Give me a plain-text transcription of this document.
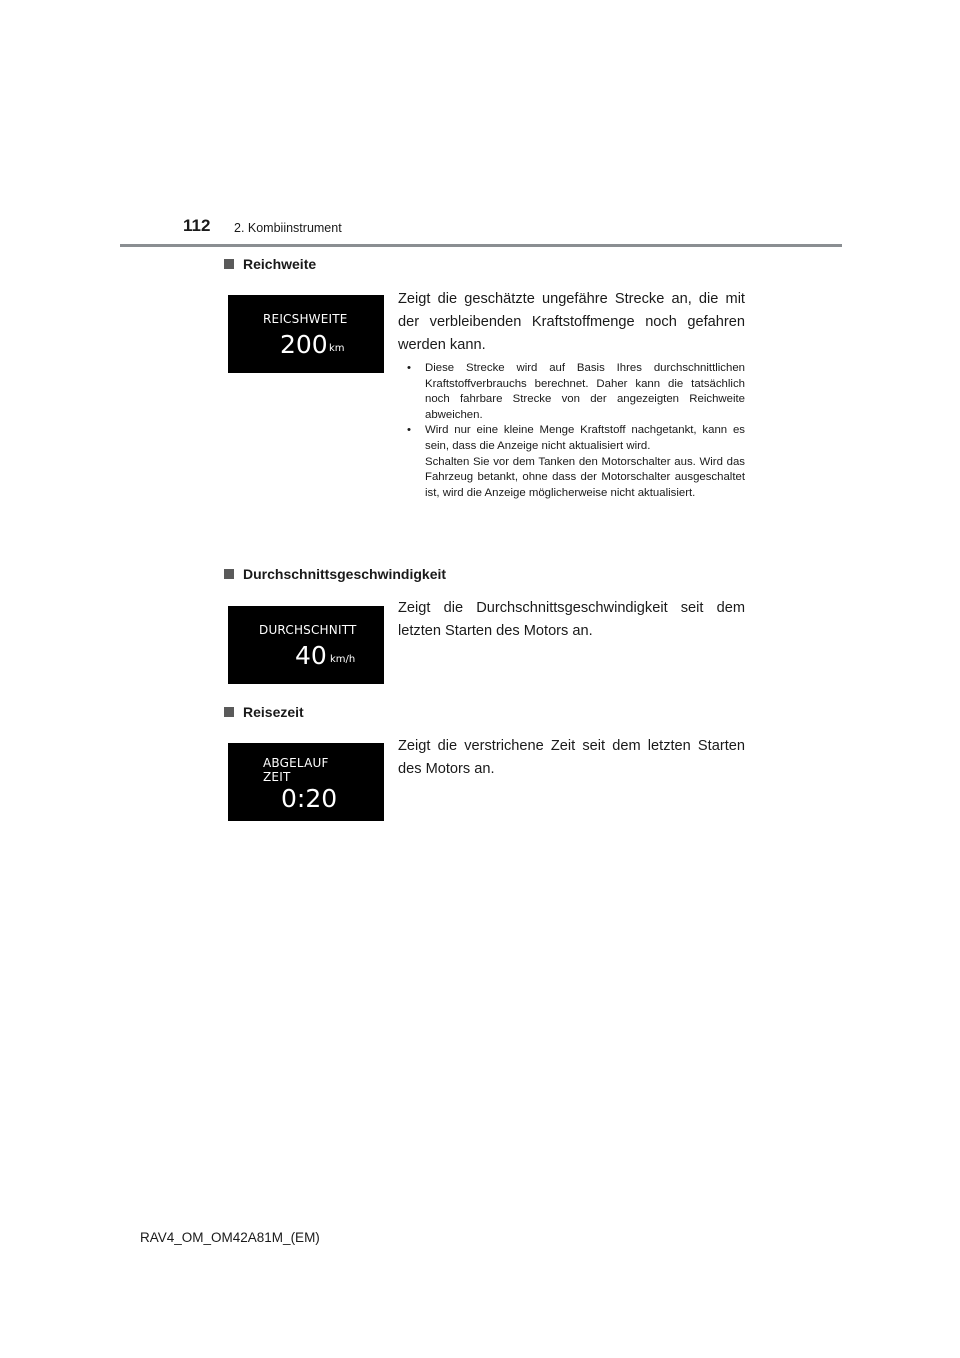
112 2. Kombiinstrument
Reichweite
REICSHWEITE
200 km

Zeigt die geschätzte ungefähre Strecke an, die mit der verbleibenden Kraftstoffmenge noch gefahren werden kann.

• Diese Strecke wird auf Basis Ihres durchschnittlichen Kraftstoffverbrauchs berechnet. Daher kann die tatsächlich noch fahrbare Strecke von der angezeigten Reichweite abweichen.
• Wird nur eine kleine Menge Kraftstoff nachgetankt, kann es sein, dass die Anzeige nicht aktualisiert wird.
Schalten Sie vor dem Tanken den Motorschalter aus. Wird das Fahrzeug betankt, ohne dass der Motorschalter ausgeschaltet ist, wird die Anzeige möglicherweise nicht aktualisiert.
Durchschnittsgeschwindigkeit
DURCHSCHNITT
40 km/h

Zeigt die Durchschnittsgeschwindigkeit seit dem letzten Starten des Motors an.

Reisezeit
ABGELAUF
ZEIT
0:20

Zeigt die verstrichene Zeit seit dem letzten Starten des Motors an.

RAV4_OM_OM42A81M_(EM)
